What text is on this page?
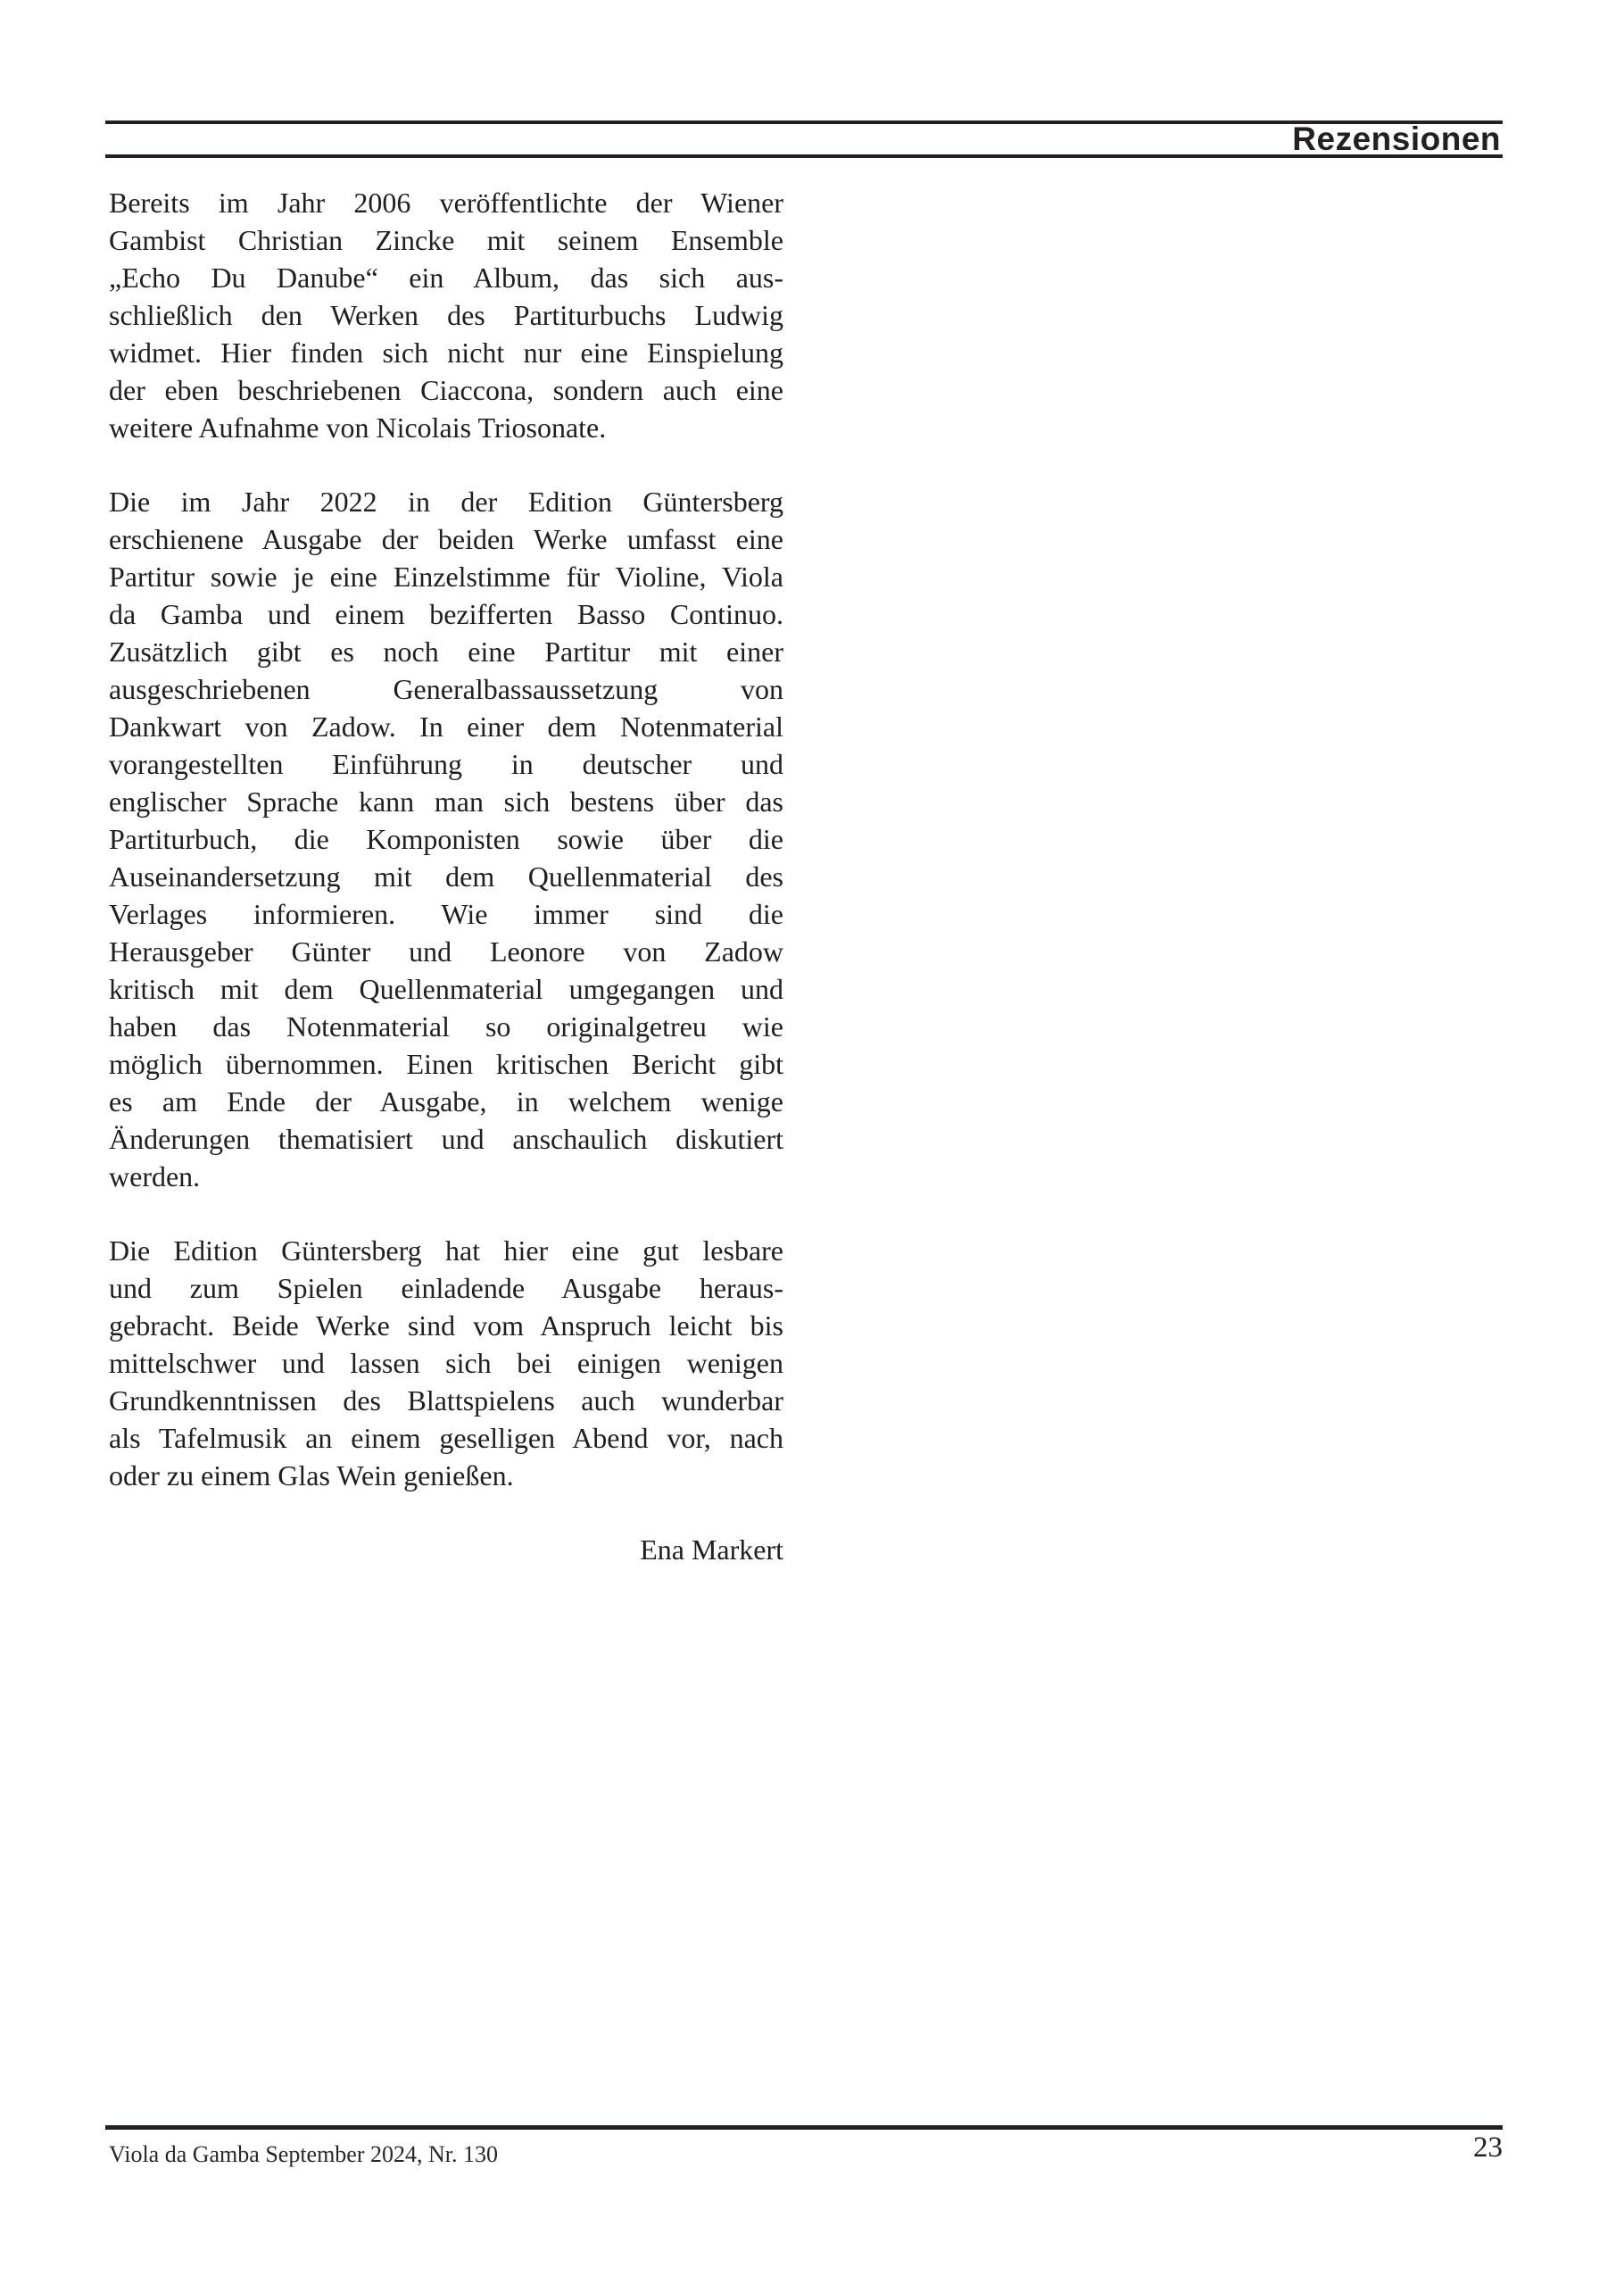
Rezensionen
Bereits im Jahr 2006 veröffentlichte der Wiener
Gambist Christian Zincke mit seinem Ensemble
„Echo Du Danube“ ein Album, das sich aus-
schließlich den Werken des Partiturbuchs Ludwig
widmet. Hier finden sich nicht nur eine Einspielung
der eben beschriebenen Ciaccona, sondern auch eine
weitere Aufnahme von Nicolais Triosonate.
Die im Jahr 2022 in der Edition Güntersberg
erschienene Ausgabe der beiden Werke umfasst eine
Partitur sowie je eine Einzelstimme für Violine, Viola
da Gamba und einem bezifferten Basso Continuo.
Zusätzlich gibt es noch eine Partitur mit einer
ausgeschriebenen Generalbassaussetzung von
Dankwart von Zadow. In einer dem Notenmaterial
vorangestellten Einführung in deutscher und
englischer Sprache kann man sich bestens über das
Partiturbuch, die Komponisten sowie über die
Auseinandersetzung mit dem Quellenmaterial des
Verlages informieren. Wie immer sind die
Herausgeber Günter und Leonore von Zadow
kritisch mit dem Quellenmaterial umgegangen und
haben das Notenmaterial so originalgetreu wie
möglich übernommen. Einen kritischen Bericht gibt
es am Ende der Ausgabe, in welchem wenige
Änderungen thematisiert und anschaulich diskutiert
werden.
Die Edition Güntersberg hat hier eine gut lesbare
und zum Spielen einladende Ausgabe heraus-
gebracht. Beide Werke sind vom Anspruch leicht bis
mittelschwer und lassen sich bei einigen wenigen
Grundkenntnissen des Blattspielens auch wunderbar
als Tafelmusik an einem geselligen Abend vor, nach
oder zu einem Glas Wein genießen.
Ena Markert
Viola da Gamba September 2024, Nr. 130	23
